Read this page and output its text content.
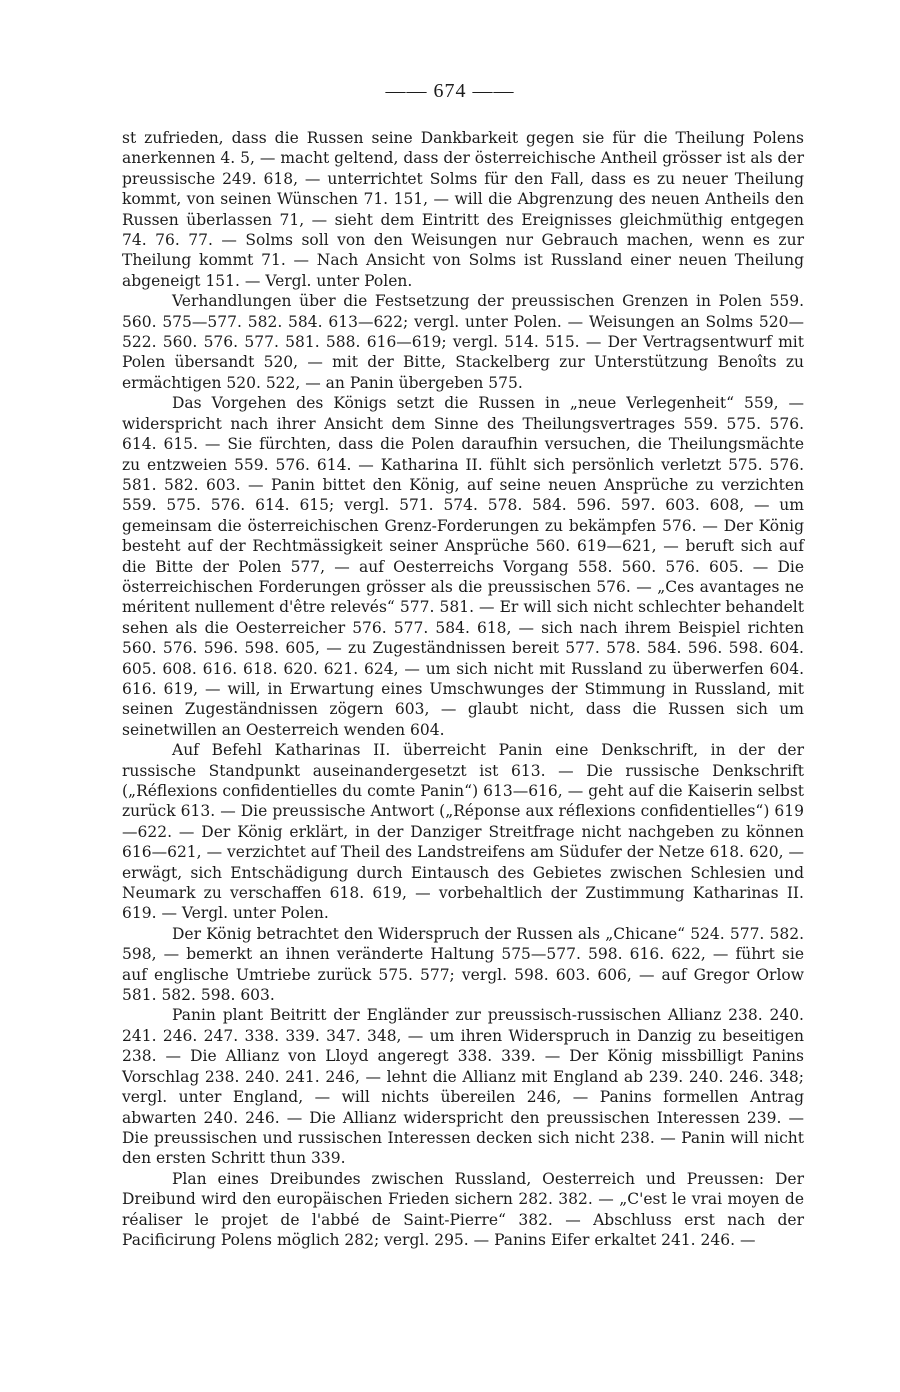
—— 674 ——

st zufrieden, dass die Russen seine Dankbarkeit gegen sie für die Theilung Polens anerkennen 4. 5, — macht geltend, dass der österreichische Antheil grösser ist als der preussische 249. 618, — unterrichtet Solms für den Fall, dass es zu neuer Theilung kommt, von seinen Wünschen 71. 151, — will die Abgrenzung des neuen Antheils den Russen überlassen 71, — sieht dem Eintritt des Ereignisses gleichmüthig entgegen 74. 76. 77. — Solms soll von den Weisungen nur Gebrauch machen, wenn es zur Theilung kommt 71. — Nach Ansicht von Solms ist Russland einer neuen Theilung abgeneigt 151. — Vergl. unter Polen.

Verhandlungen über die Festsetzung der preussischen Grenzen in Polen 559. 560. 575—577. 582. 584. 613—622; vergl. unter Polen. — Weisungen an Solms 520—522. 560. 576. 577. 581. 588. 616—619; vergl. 514. 515. — Der Vertragsentwurf mit Polen übersandt 520, — mit der Bitte, Stackelberg zur Unterstützung Benoîts zu ermächtigen 520. 522, — an Panin übergeben 575.

Das Vorgehen des Königs setzt die Russen in „neue Verlegenheit“ 559, — widerspricht nach ihrer Ansicht dem Sinne des Theilungsvertrages 559. 575. 576. 614. 615. — Sie fürchten, dass die Polen daraufhin versuchen, die Theilungsmächte zu entzweien 559. 576. 614. — Katharina II. fühlt sich persönlich verletzt 575. 576. 581. 582. 603. — Panin bittet den König, auf seine neuen Ansprüche zu verzichten 559. 575. 576. 614. 615; vergl. 571. 574. 578. 584. 596. 597. 603. 608, — um gemeinsam die österreichischen Grenz-Forderungen zu bekämpfen 576. — Der König besteht auf der Rechtmässigkeit seiner Ansprüche 560. 619—621, — beruft sich auf die Bitte der Polen 577, — auf Oesterreichs Vorgang 558. 560. 576. 605. — Die österreichischen Forderungen grösser als die preussischen 576. — „Ces avantages ne méritent nullement d'être relevés“ 577. 581. — Er will sich nicht schlechter behandelt sehen als die Oesterreicher 576. 577. 584. 618, — sich nach ihrem Beispiel richten 560. 576. 596. 598. 605, — zu Zugeständnissen bereit 577. 578. 584. 596. 598. 604. 605. 608. 616. 618. 620. 621. 624, — um sich nicht mit Russland zu überwerfen 604. 616. 619, — will, in Erwartung eines Umschwunges der Stimmung in Russland, mit seinen Zugeständnissen zögern 603, — glaubt nicht, dass die Russen sich um seinetwillen an Oesterreich wenden 604.

Auf Befehl Katharinas II. überreicht Panin eine Denkschrift, in der der russische Standpunkt auseinandergesetzt ist 613. — Die russische Denkschrift („Réflexions confidentielles du comte Panin“) 613—616, — geht auf die Kaiserin selbst zurück 613. — Die preussische Antwort („Réponse aux réflexions confidentielles“) 619—622. — Der König erklärt, in der Danziger Streitfrage nicht nachgeben zu können 616—621, — verzichtet auf Theil des Landstreifens am Südufer der Netze 618. 620, — erwägt, sich Entschädigung durch Eintausch des Gebietes zwischen Schlesien und Neumark zu verschaffen 618. 619, — vorbehaltlich der Zustimmung Katharinas II. 619. — Vergl. unter Polen.

Der König betrachtet den Widerspruch der Russen als „Chicane“ 524. 577. 582. 598, — bemerkt an ihnen veränderte Haltung 575—577. 598. 616. 622, — führt sie auf englische Umtriebe zurück 575. 577; vergl. 598. 603. 606, — auf Gregor Orlow 581. 582. 598. 603.

Panin plant Beitritt der Engländer zur preussisch-russischen Allianz 238. 240. 241. 246. 247. 338. 339. 347. 348, — um ihren Widerspruch in Danzig zu beseitigen 238. — Die Allianz von Lloyd angeregt 338. 339. — Der König missbilligt Panins Vorschlag 238. 240. 241. 246, — lehnt die Allianz mit England ab 239. 240. 246. 348; vergl. unter England, — will nichts übereilen 246, — Panins formellen Antrag abwarten 240. 246. — Die Allianz widerspricht den preussischen Interessen 239. — Die preussischen und russischen Interessen decken sich nicht 238. — Panin will nicht den ersten Schritt thun 339.

Plan eines Dreibundes zwischen Russland, Oesterreich und Preussen: Der Dreibund wird den europäischen Frieden sichern 282. 382. — „C'est le vrai moyen de réaliser le projet de l'abbé de Saint-Pierre“ 382. — Abschluss erst nach der Pacificirung Polens möglich 282; vergl. 295. — Panins Eifer erkaltet 241. 246. —
